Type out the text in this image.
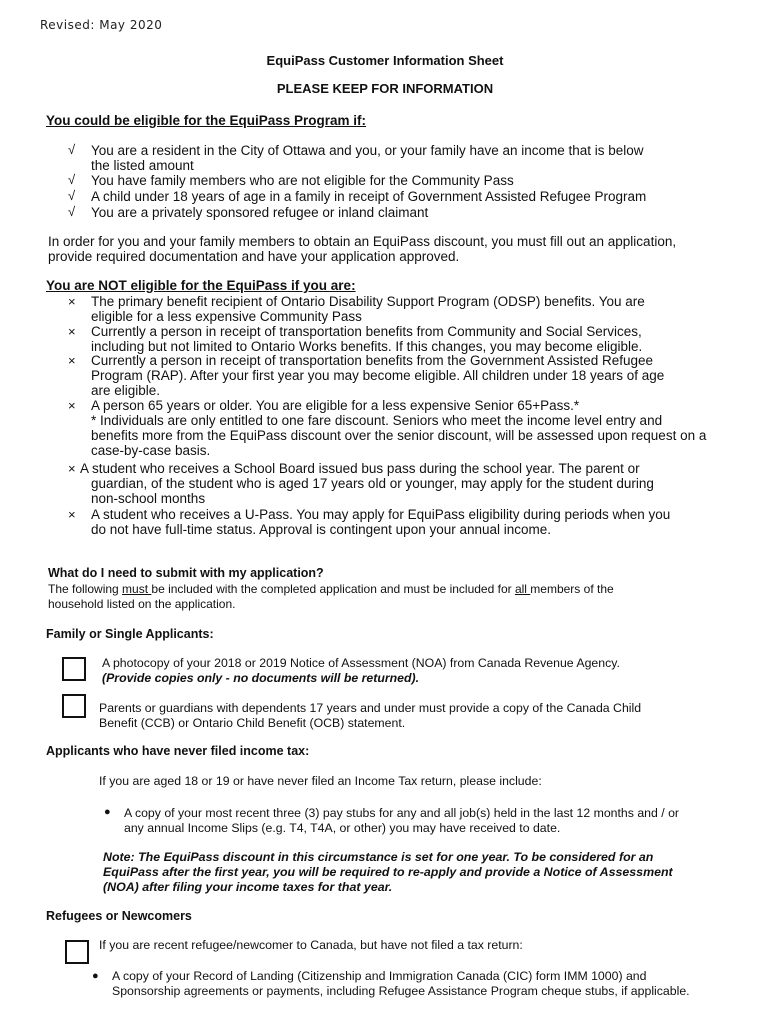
Revised: May 2020
EquiPass Customer Information Sheet
PLEASE KEEP FOR INFORMATION
You could be eligible for the EquiPass Program if:
√ You are a resident in the City of Ottawa and you, or your family have an income that is below
the listed amount
√ You have family members who are not eligible for the Community Pass
√ A child under 18 years of age in a family in receipt of Government Assisted Refugee Program
√ You are a privately sponsored refugee or inland claimant
In order for you and your family members to obtain an EquiPass discount, you must fill out an application,
provide required documentation and have your application approved.
You are NOT eligible for the EquiPass if you are:
× The primary benefit recipient of Ontario Disability Support Program (ODSP) benefits. You are
eligible for a less expensive Community Pass
× Currently a person in receipt of transportation benefits from Community and Social Services,
including but not limited to Ontario Works benefits. If this changes, you may become eligible.
× Currently a person in receipt of transportation benefits from the Government Assisted Refugee
Program (RAP). After your first year you may become eligible. All children under 18 years of age
are eligible.
× A person 65 years or older. You are eligible for a less expensive Senior 65+Pass.*
* Individuals are only entitled to one fare discount. Seniors who meet the income level entry and
benefits more from the EquiPass discount over the senior discount, will be assessed upon request on a
case-by-case basis.
× A student who receives a School Board issued bus pass during the school year. The parent or
guardian, of the student who is aged 17 years old or younger, may apply for the student during
non-school months
× A student who receives a U-Pass. You may apply for EquiPass eligibility during periods when you
do not have full-time status. Approval is contingent upon your annual income.
What do I need to submit with my application?
The following must be included with the completed application and must be included for all members of the
household listed on the application.
Family or Single Applicants:
A photocopy of your 2018 or 2019 Notice of Assessment (NOA) from Canada Revenue Agency.
(Provide copies only - no documents will be returned).
Parents or guardians with dependents 17 years and under must provide a copy of the Canada Child
Benefit (CCB) or Ontario Child Benefit (OCB) statement.
Applicants who have never filed income tax:
If you are aged 18 or 19 or have never filed an Income Tax return, please include:
● A copy of your most recent three (3) pay stubs for any and all job(s) held in the last 12 months and / or
any annual Income Slips (e.g. T4, T4A, or other) you may have received to date.
Note: The EquiPass discount in this circumstance is set for one year. To be considered for an
EquiPass after the first year, you will be required to re-apply and provide a Notice of Assessment
(NOA) after filing your income taxes for that year.
Refugees or Newcomers
If you are recent refugee/newcomer to Canada, but have not filed a tax return:
● A copy of your Record of Landing (Citizenship and Immigration Canada (CIC) form IMM 1000) and
Sponsorship agreements or payments, including Refugee Assistance Program cheque stubs, if applicable.
